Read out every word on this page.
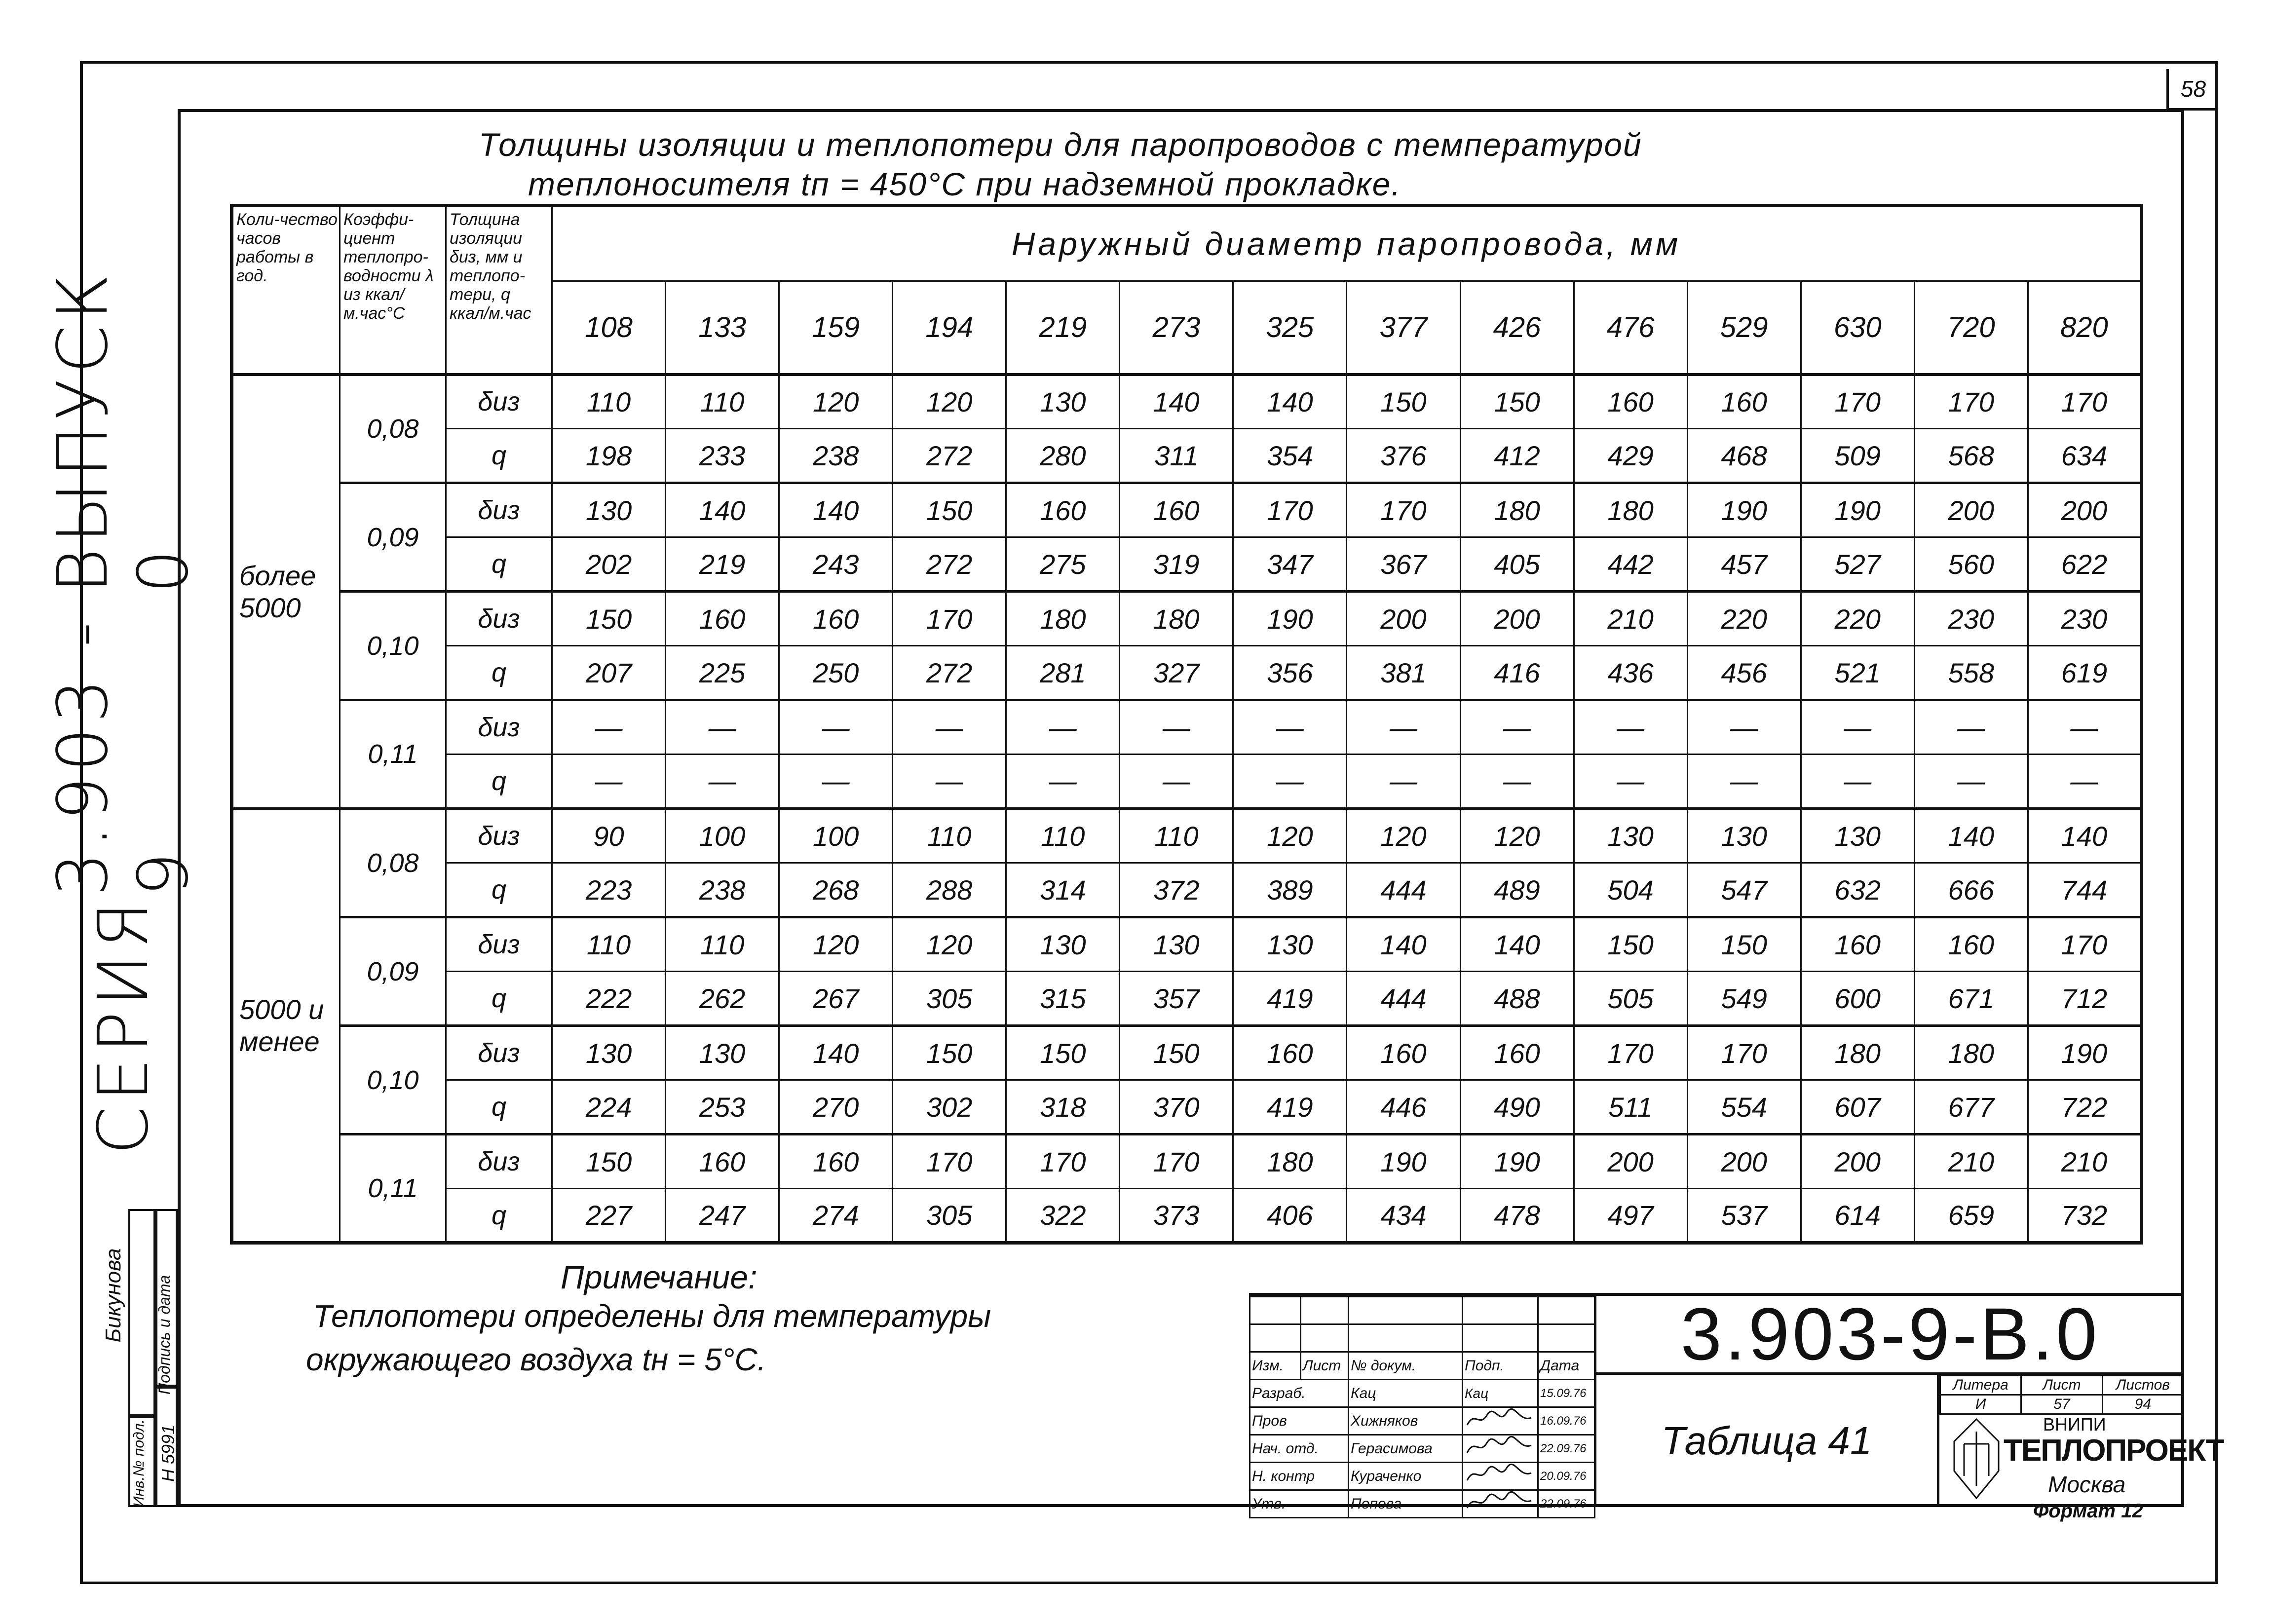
58
Толщины изоляции и теплопотери для паропроводов с температурой
теплоносителя tп = 450°С при надземной прокладке.
Коли-чество часов работы в год.	Коэффи-циент теплопро-водности λ из ккал/м.час°С	Толщина изоляции δиз, мм и теплопо-тери, q ккал/м.час	Наружный диаметр паропровода, мм													
			108	133	159	194	219	273	325	377	426	476	529	630	720	820
более 5000	0,08	δиз	110	110	120	120	130	140	140	150	150	160	160	170	170	170
		q	198	233	238	272	280	311	354	376	412	429	468	509	568	634
	0,09	δиз	130	140	140	150	160	160	170	170	180	180	190	190	200	200
		q	202	219	243	272	275	319	347	367	405	442	457	527	560	622
	0,10	δиз	150	160	160	170	180	180	190	200	200	210	220	220	230	230
		q	207	225	250	272	281	327	356	381	416	436	456	521	558	619
	0,11	δиз	—	—	—	—	—	—	—	—	—	—	—	—	—	—
		q	—	—	—	—	—	—	—	—	—	—	—	—	—	—
5000 и менее	0,08	δиз	90	100	100	110	110	110	120	120	120	130	130	130	140	140
		q	223	238	268	288	314	372	389	444	489	504	547	632	666	744
	0,09	δиз	110	110	120	120	130	130	130	140	140	150	150	160	160	170
		q	222	262	267	305	315	357	419	444	488	505	549	600	671	712
	0,10	δиз	130	130	140	150	150	150	160	160	160	170	170	180	180	190
		q	224	253	270	302	318	370	419	446	490	511	554	607	677	722
	0,11	δиз	150	160	160	170	170	170	180	190	190	200	200	200	210	210
		q	227	247	274	305	322	373	406	434	478	497	537	614	659	732
Примечание:
Теплопотери определены для температуры
окружающего воздуха tн = 5°С.
СЕРИЯ
3.903 - 9
ВЫПУСК 0
Подпись и дата
Инв.№ подл. Н 5991
Бикунова

Изм.	Лист	№ докум.	Подп.	Дата
Разраб.		Кац	Кац	15.09.76
Пров		Хижняков		16.09.76
Нач. отд.		Герасимова		22.09.76
Н. контр		Кураченко		20.09.76
Утв.		Попова		22.09.76
3.903-9-В.0
Таблица 41
Литера	Лист	Листов
И	57	94
ВНИПИ
ТЕПЛОПРОЕКТ
Москва
Формат 12
